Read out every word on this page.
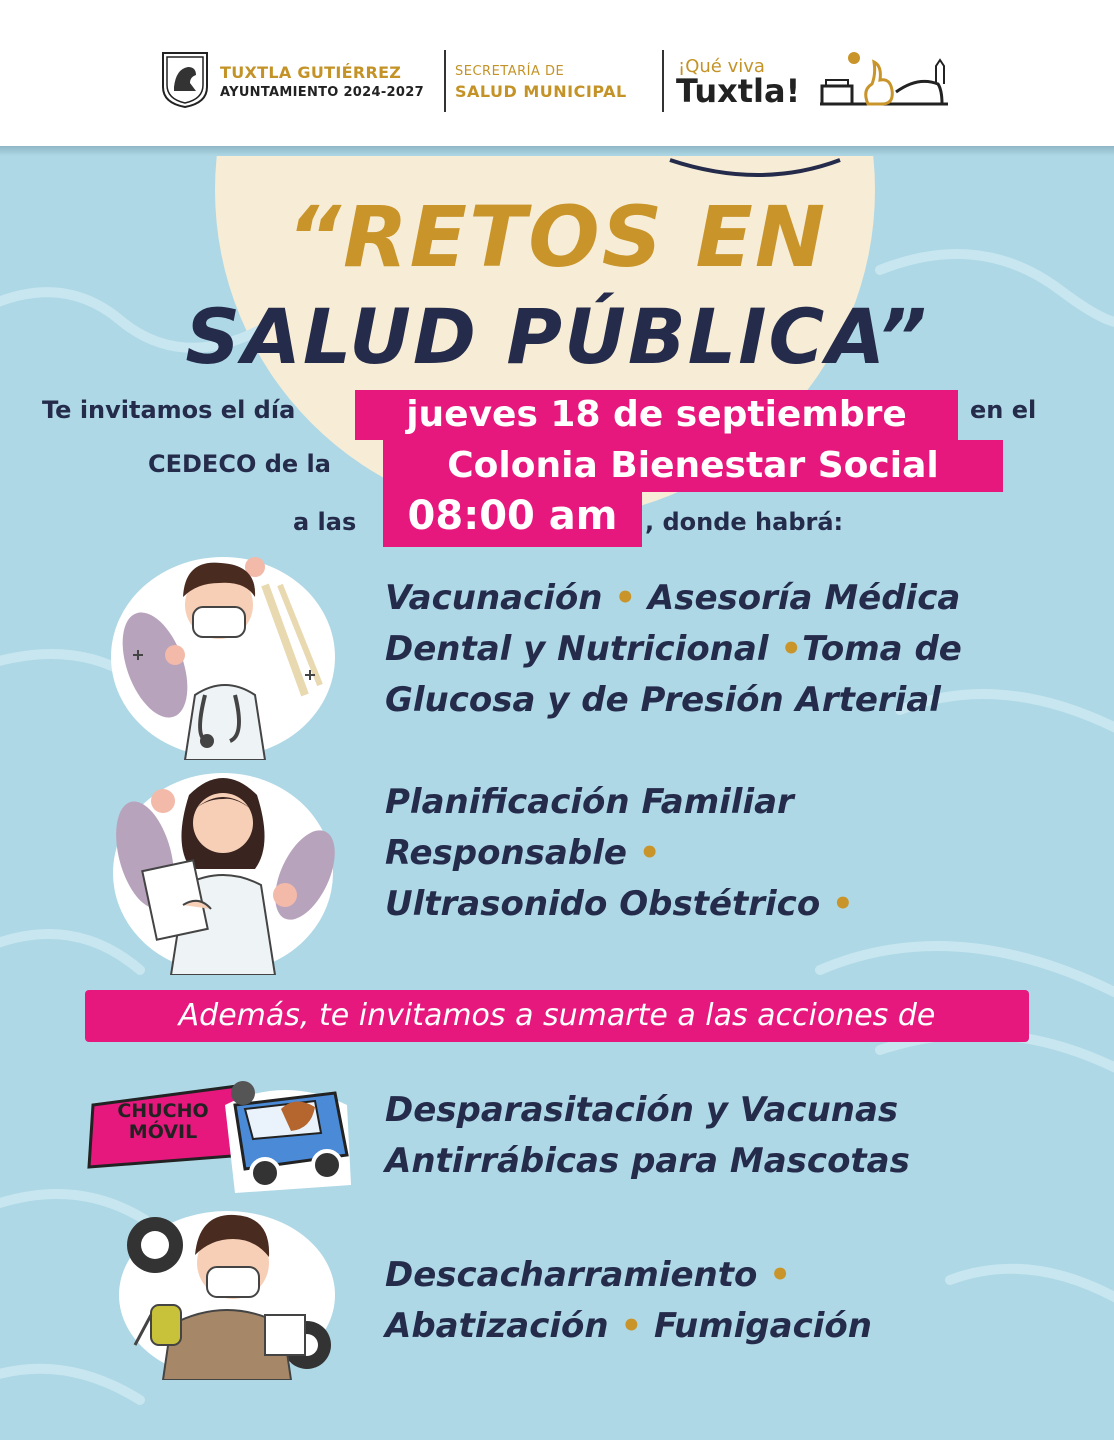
TUXTLA GUTIÉRREZ
AYUNTAMIENTO 2024-2027
SECRETARÍA DE
SALUD MUNICIPAL
¡Qué viva
Tuxtla!
“RETOS EN
SALUD PÚBLICA”
Te invitamos el día	jueves 18 de septiembre	en el
CEDECO de la	Colonia Bienestar Social
a las	08:00 am	, donde habrá:
Vacunación • Asesoría Médica
Dental y Nutricional •Toma de
Glucosa y de Presión Arterial
Planificación Familiar
Responsable •
Ultrasonido Obstétrico •
Además, te invitamos a sumarte a las acciones de
CHUCHO
MÓVIL
Desparasitación y Vacunas
Antirrábicas para Mascotas
Descacharramiento •
Abatización • Fumigación
